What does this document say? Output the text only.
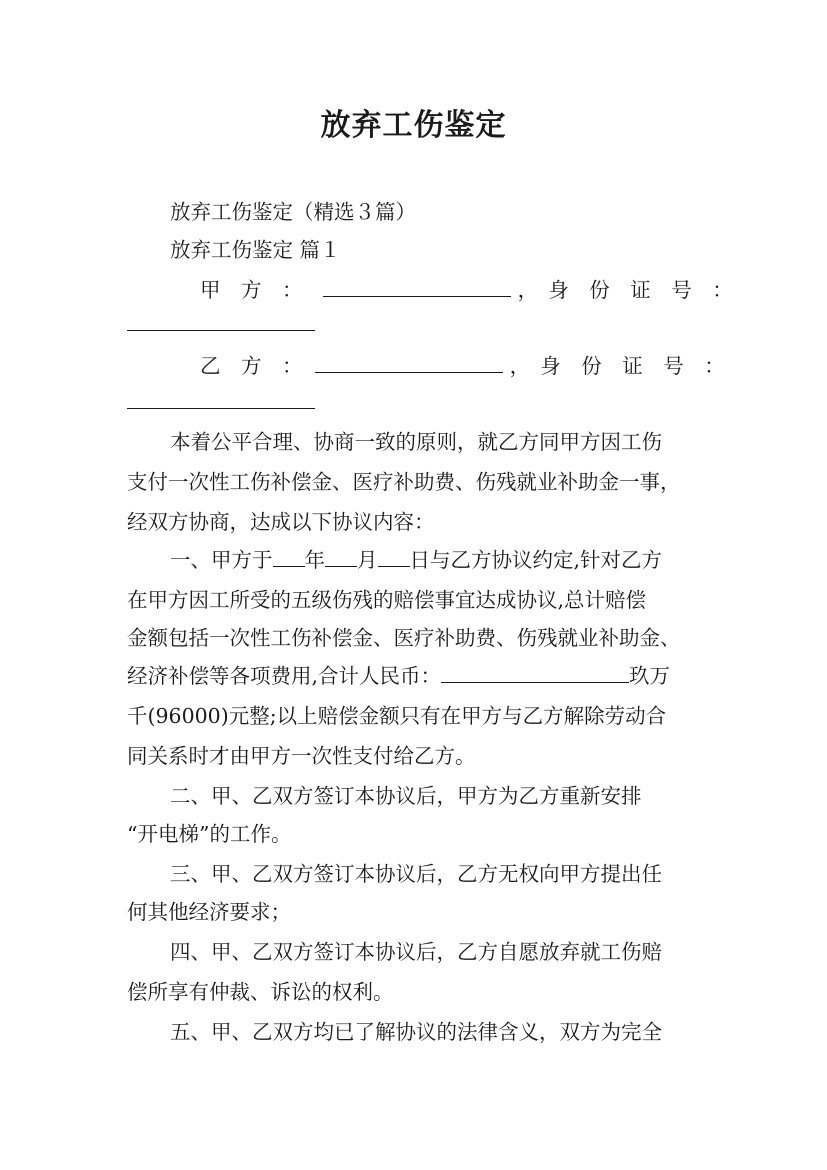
放弃工伤鉴定
放弃工伤鉴定（精选３篇）
放弃工伤鉴定 篇１
甲　方　：	，　身　份　证　号　：
乙　方　：	，　身　份　证　号　：
本着公平合理、协商一致的原则，就乙方同甲方因工伤
支付一次性工伤补偿金、医疗补助费、伤残就业补助金一事，
经双方协商，达成以下协议内容：
一、甲方于 年 月 日与乙方协议约定,针对乙方
在甲方因工所受的五级伤残的赔偿事宜达成协议,总计赔偿
金额包括一次性工伤补偿金、医疗补助费、伤残就业补助金、
经济补偿等各项费用,合计人民币：	玖万
千(96000)元整;以上赔偿金额只有在甲方与乙方解除劳动合
同关系时才由甲方一次性支付给乙方。
二、甲、乙双方签订本协议后，甲方为乙方重新安排
“开电梯”的工作。
三、甲、乙双方签订本协议后，乙方无权向甲方提出任
何其他经济要求；
四、甲、乙双方签订本协议后，乙方自愿放弃就工伤赔
偿所享有仲裁、诉讼的权利。
五、甲、乙双方均已了解协议的法律含义，双方为完全
